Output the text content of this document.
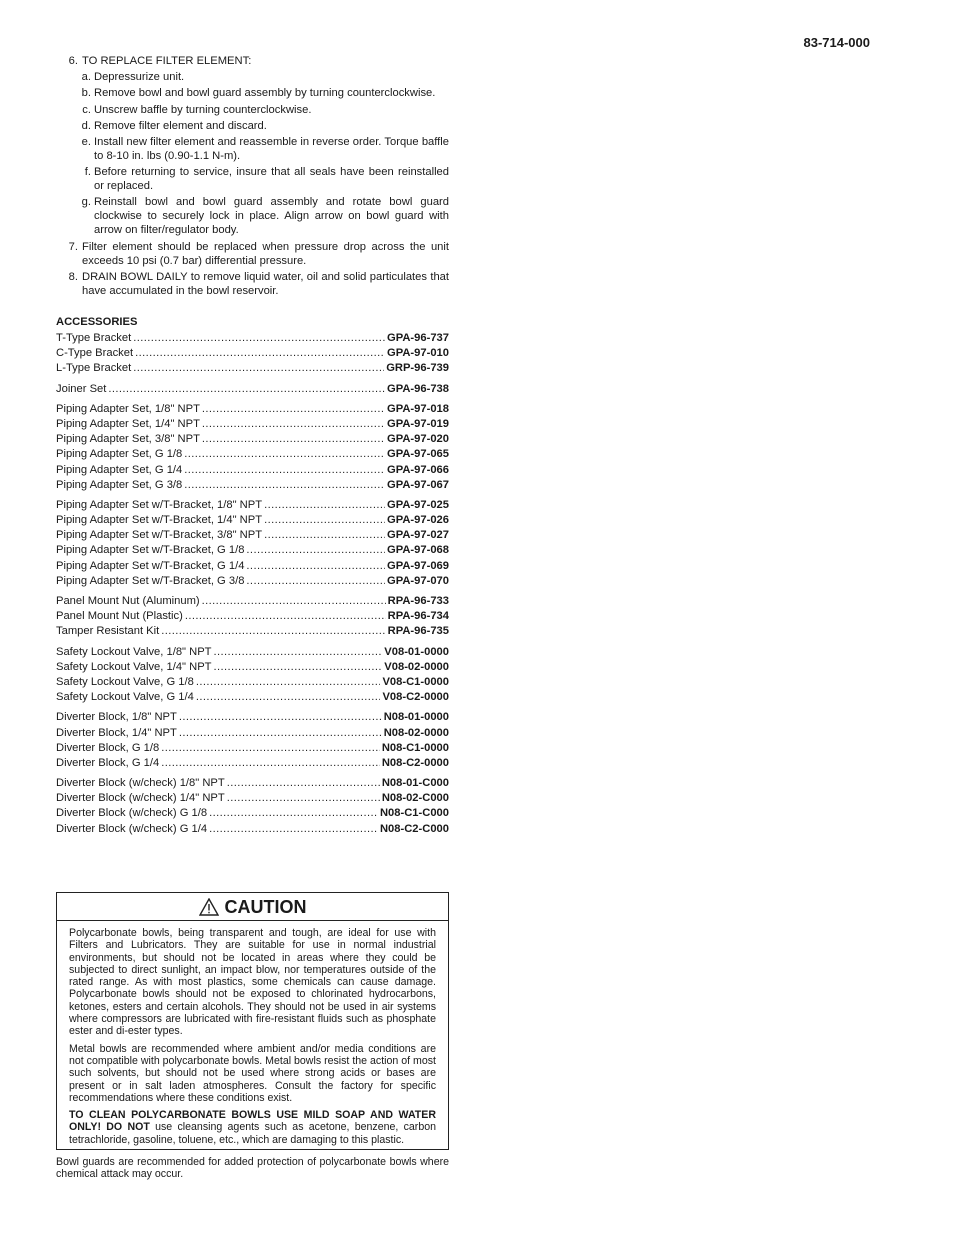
83-714-000
6. TO REPLACE FILTER ELEMENT:
a. Depressurize unit.
b. Remove bowl and bowl guard assembly by turning counterclockwise.
c. Unscrew baffle by turning counterclockwise.
d. Remove filter element and discard.
e. Install new filter element and reassemble in reverse order. Torque baffle to 8-10 in. lbs (0.90-1.1 N-m).
f. Before returning to service, insure that all seals have been reinstalled or replaced.
g. Reinstall bowl and bowl guard assembly and rotate bowl guard clockwise to securely lock in place. Align arrow on bowl guard with arrow on filter/regulator body.
7. Filter element should be replaced when pressure drop across the unit exceeds 10 psi (0.7 bar) differential pressure.
8. DRAIN BOWL DAILY to remove liquid water, oil and solid particulates that have accumulated in the bowl reservoir.
ACCESSORIES
T-Type Bracket .....	GPA-96-737
C-Type Bracket .....	GPA-97-010
L-Type Bracket .....	GRP-96-739
Joiner Set .....	GPA-96-738
Piping Adapter Set, 1/8" NPT .....	GPA-97-018
Piping Adapter Set, 1/4" NPT .....	GPA-97-019
Piping Adapter Set, 3/8" NPT .....	GPA-97-020
Piping Adapter Set, G 1/8 .....	GPA-97-065
Piping Adapter Set, G 1/4 .....	GPA-97-066
Piping Adapter Set, G 3/8 .....	GPA-97-067
Piping Adapter Set w/T-Bracket, 1/8" NPT .....	GPA-97-025
Piping Adapter Set w/T-Bracket, 1/4" NPT .....	GPA-97-026
Piping Adapter Set w/T-Bracket, 3/8" NPT .....	GPA-97-027
Piping Adapter Set w/T-Bracket, G 1/8 .....	GPA-97-068
Piping Adapter Set w/T-Bracket, G 1/4 .....	GPA-97-069
Piping Adapter Set w/T-Bracket, G 3/8 .....	GPA-97-070
Panel Mount Nut (Aluminum) .....	RPA-96-733
Panel Mount Nut (Plastic) .....	RPA-96-734
Tamper Resistant Kit .....	RPA-96-735
Safety Lockout Valve, 1/8" NPT .....	V08-01-0000
Safety Lockout Valve, 1/4" NPT .....	V08-02-0000
Safety Lockout Valve, G 1/8 .....	V08-C1-0000
Safety Lockout Valve, G 1/4 .....	V08-C2-0000
Diverter Block, 1/8" NPT .....	N08-01-0000
Diverter Block, 1/4" NPT .....	N08-02-0000
Diverter Block, G 1/8 .....	N08-C1-0000
Diverter Block, G 1/4 .....	N08-C2-0000
Diverter Block (w/check) 1/8" NPT .....	N08-01-C000
Diverter Block (w/check) 1/4" NPT .....	N08-02-C000
Diverter Block (w/check) G 1/8 .....	N08-C1-C000
Diverter Block (w/check) G 1/4 .....	N08-C2-C000
CAUTION

Polycarbonate bowls, being transparent and tough, are ideal for use with Filters and Lubricators. They are suitable for use in normal industrial environments, but should not be located in areas where they could be subjected to direct sunlight, an impact blow, nor temperatures outside of the rated range. As with most plastics, some chemicals can cause damage. Polycarbonate bowls should not be exposed to chlorinated hydrocarbons, ketones, esters and certain alcohols. They should not be used in air systems where compressors are lubricated with fire-resistant fluids such as phosphate ester and di-ester types.

Metal bowls are recommended where ambient and/or media conditions are not compatible with polycarbonate bowls. Metal bowls resist the action of most such solvents, but should not be used where strong acids or bases are present or in salt laden atmospheres. Consult the factory for specific recommendations where these conditions exist.

TO CLEAN POLYCARBONATE BOWLS USE MILD SOAP AND WATER ONLY! DO NOT use cleansing agents such as acetone, benzene, carbon tetrachloride, gasoline, toluene, etc., which are damaging to this plastic.

Bowl guards are recommended for added protection of polycarbonate bowls where chemical attack may occur.
